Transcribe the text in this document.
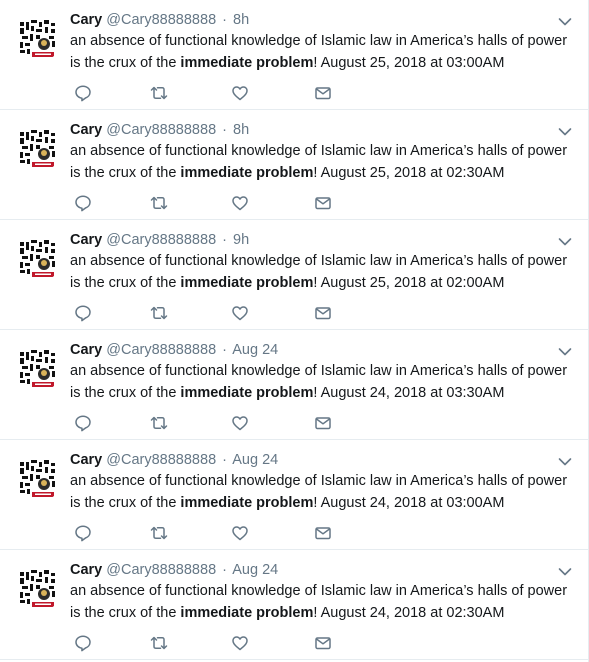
Cary @Cary88888888 · 8h
an absence of functional knowledge of Islamic law in America’s halls of power is the crux of the immediate problem! August 25, 2018 at 03:00AM
Cary @Cary88888888 · 8h
an absence of functional knowledge of Islamic law in America’s halls of power is the crux of the immediate problem! August 25, 2018 at 02:30AM
Cary @Cary88888888 · 9h
an absence of functional knowledge of Islamic law in America’s halls of power is the crux of the immediate problem! August 25, 2018 at 02:00AM
Cary @Cary88888888 · Aug 24
an absence of functional knowledge of Islamic law in America’s halls of power is the crux of the immediate problem! August 24, 2018 at 03:30AM
Cary @Cary88888888 · Aug 24
an absence of functional knowledge of Islamic law in America’s halls of power is the crux of the immediate problem! August 24, 2018 at 03:00AM
Cary @Cary88888888 · Aug 24
an absence of functional knowledge of Islamic law in America’s halls of power is the crux of the immediate problem! August 24, 2018 at 02:30AM
